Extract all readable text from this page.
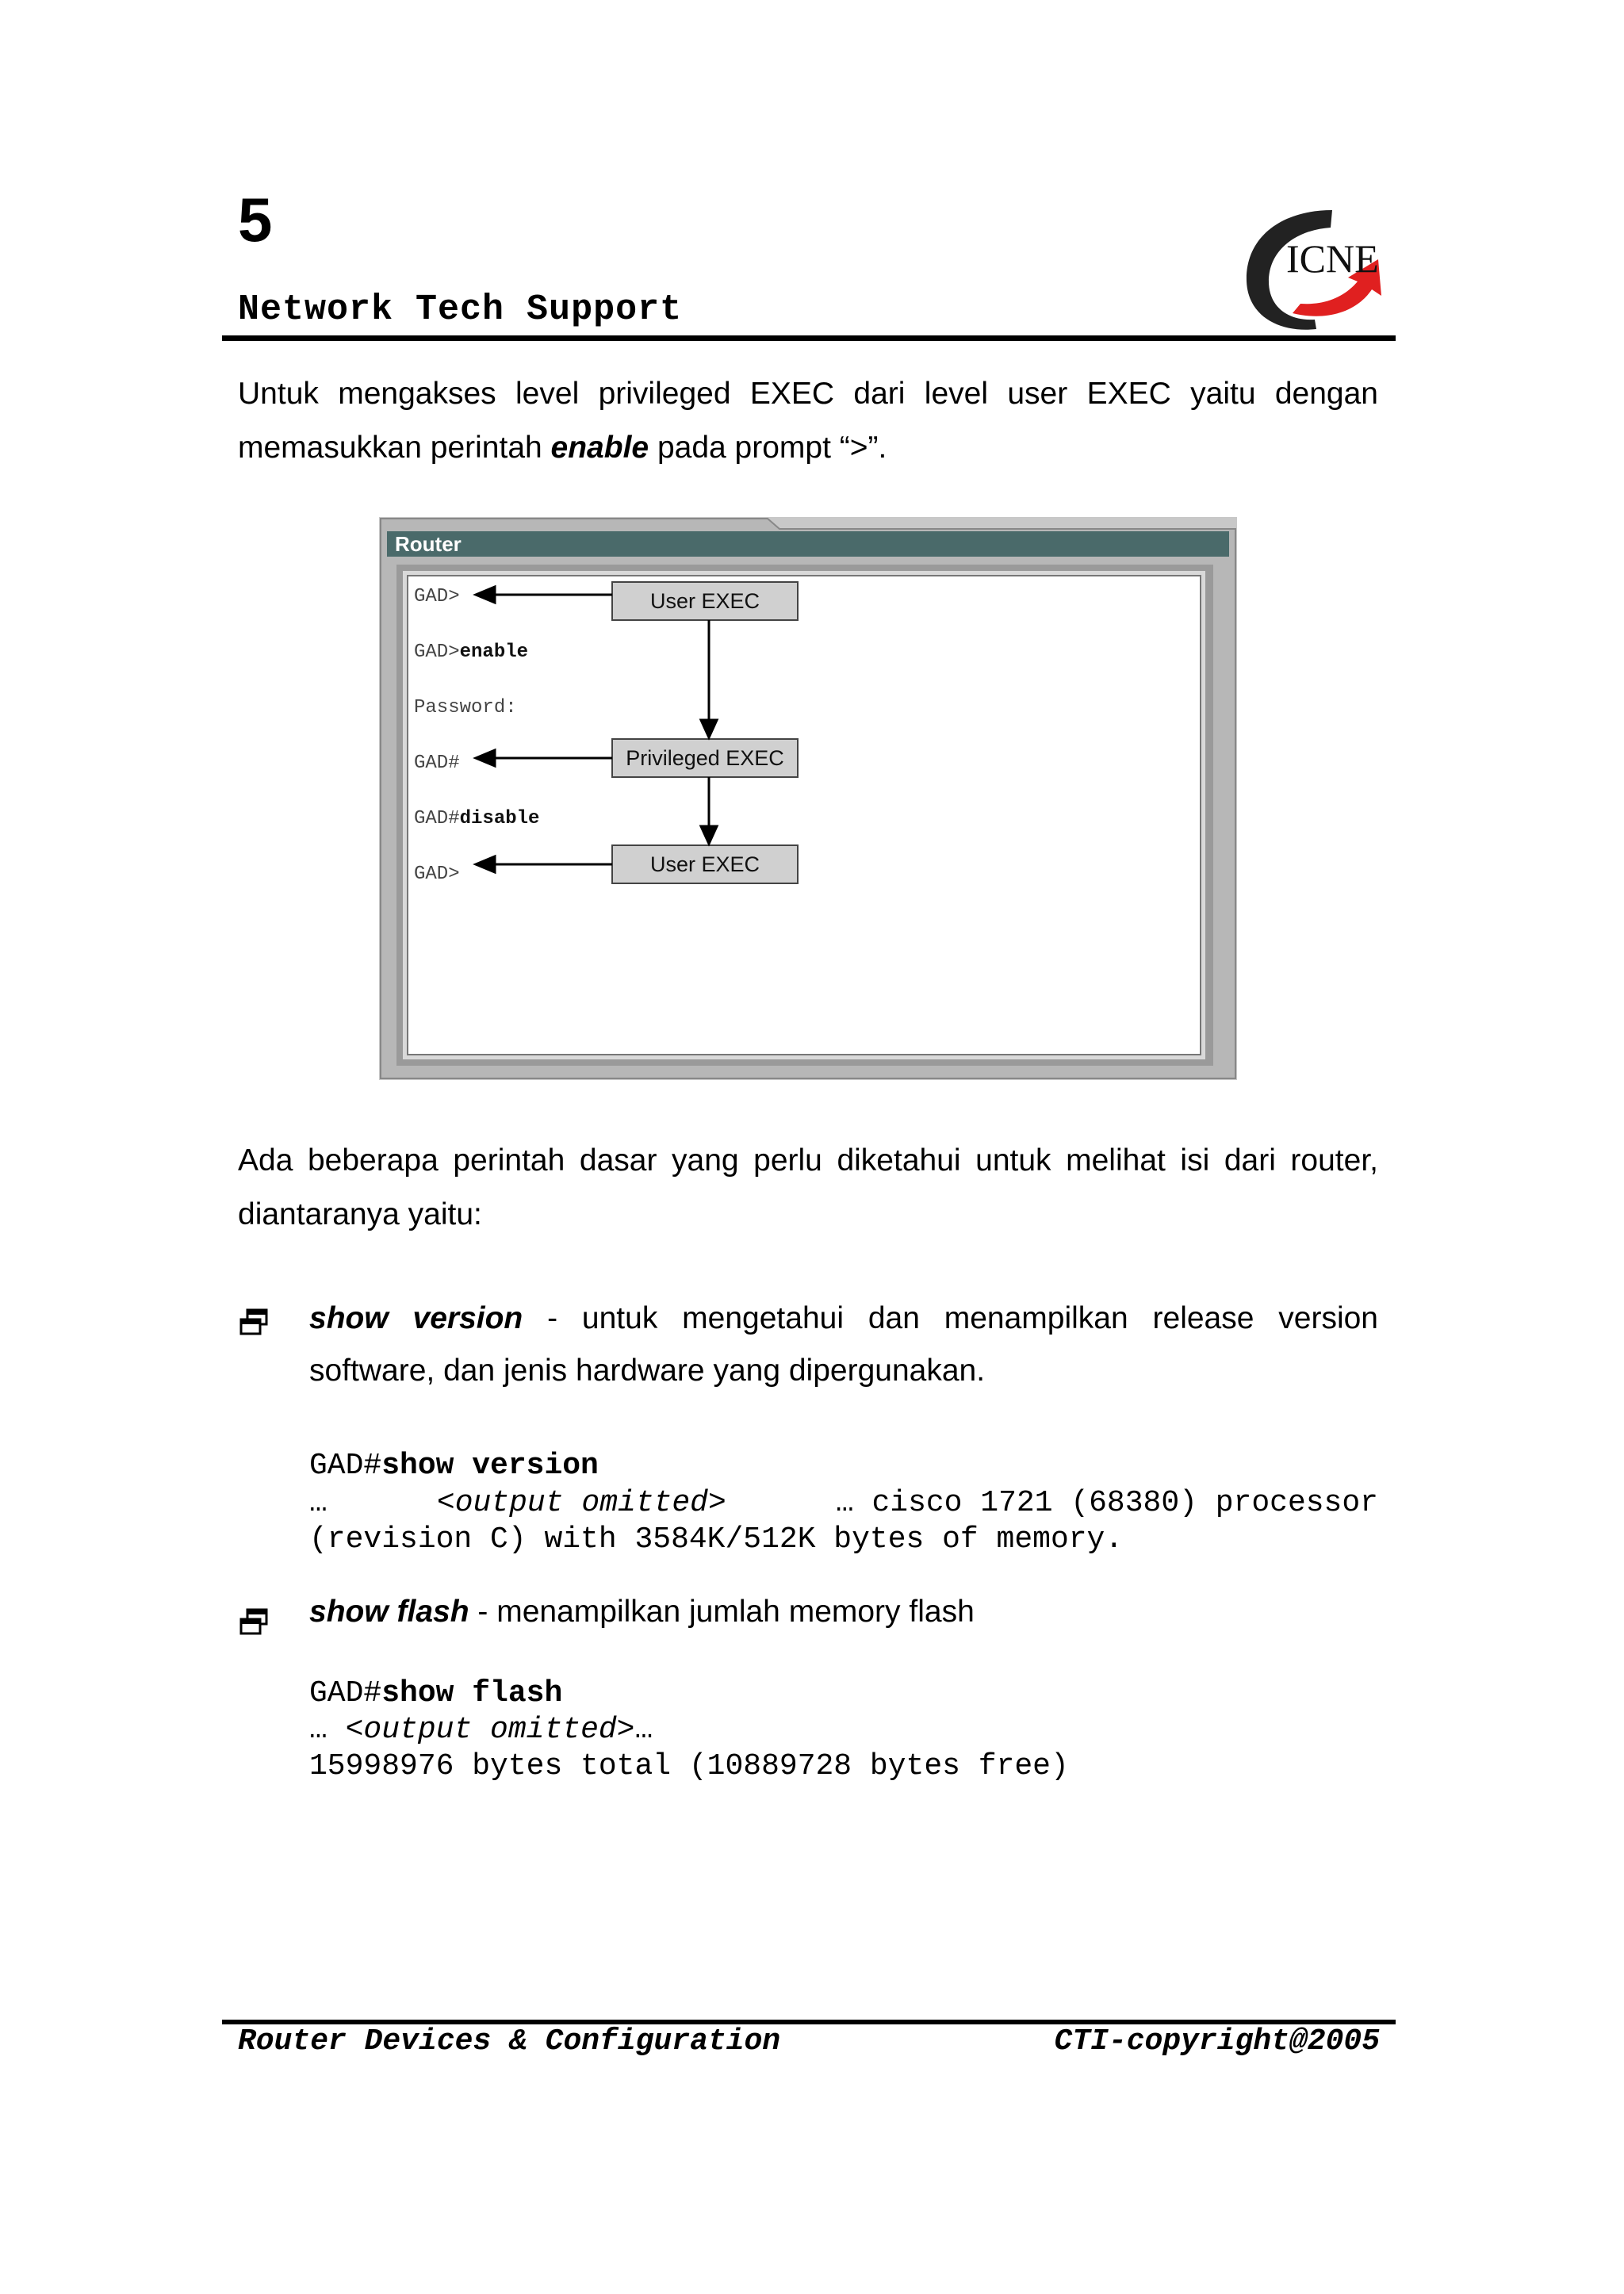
5
Network Tech Support
ICNE
Untuk mengakses level privileged EXEC dari level user EXEC yaitu dengan memasukkan perintah enable pada prompt “>”.
Router
GAD>
GAD>enable
Password:
GAD#
GAD#disable
GAD>
User EXEC
Privileged EXEC
User EXEC
Ada beberapa perintah dasar yang perlu diketahui untuk melihat isi dari router, diantaranya yaitu:
show version - untuk mengetahui dan menampilkan release version software, dan jenis hardware yang dipergunakan.
GAD#show version
…	<output omitted>	… cisco 1721 (68380) processor
(revision C) with 3584K/512K bytes of memory.
show flash - menampilkan jumlah memory flash
GAD#show flash
… <output omitted>…
15998976 bytes total (10889728 bytes free)
Router Devices & Configuration	CTI-copyright@2005
